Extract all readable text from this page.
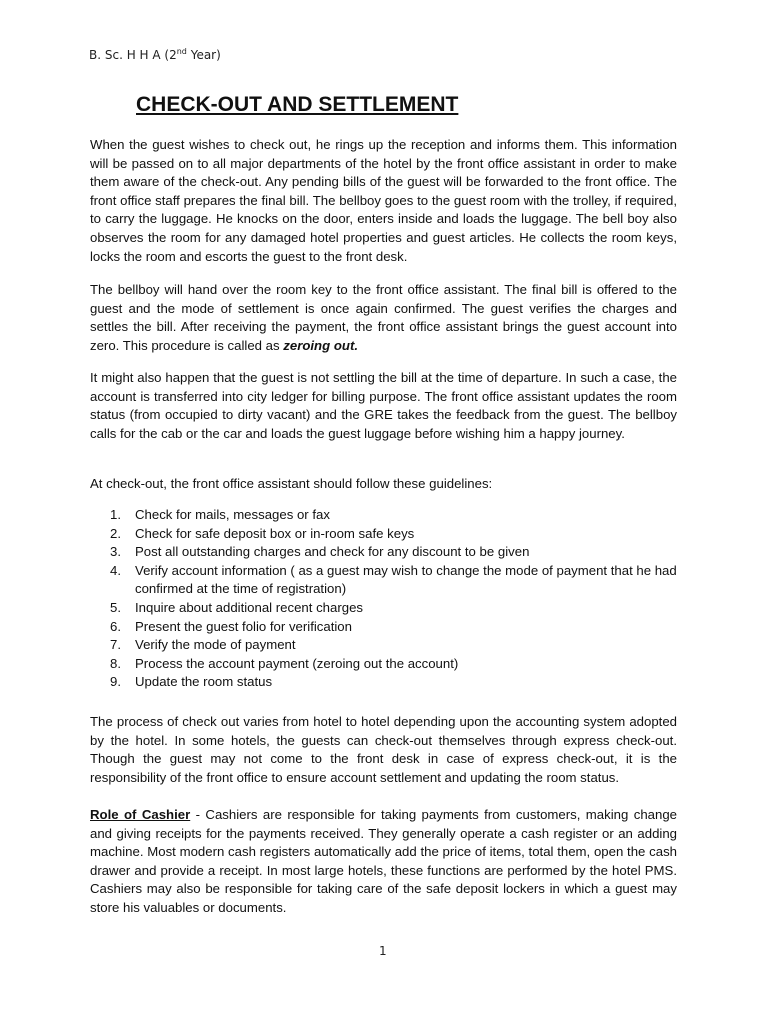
B. Sc. H H A (2nd Year)
CHECK-OUT AND SETTLEMENT

When the guest wishes to check out, he rings up the reception and informs them. This information will be passed on to all major departments of the hotel by the front office assistant in order to make them aware of the check-out. Any pending bills of the guest will be forwarded to the front office. The front office staff prepares the final bill. The bellboy goes to the guest room with the trolley, if required, to carry the luggage. He knocks on the door, enters inside and loads the luggage. The bell boy also observes the room for any damaged hotel properties and guest articles. He collects the room keys, locks the room and escorts the guest to the front desk.

The bellboy will hand over the room key to the front office assistant. The final bill is offered to the guest and the mode of settlement is once again confirmed. The guest verifies the charges and settles the bill. After receiving the payment, the front office assistant brings the guest account into zero. This procedure is called as zeroing out.

It might also happen that the guest is not settling the bill at the time of departure. In such a case, the account is transferred into city ledger for billing purpose. The front office assistant updates the room status (from occupied to dirty vacant) and the GRE takes the feedback from the guest. The bellboy calls for the cab or the car and loads the guest luggage before wishing him a happy journey.

At check-out, the front office assistant should follow these guidelines:

1.	Check for mails, messages or fax
2.	Check for safe deposit box or in-room safe keys
3.	Post all outstanding charges and check for any discount to be given
4.	Verify account information ( as a guest may wish to change the mode of payment that he had confirmed at the time of registration)
5.	Inquire about additional recent charges
6.	Present the guest folio for verification
7.	Verify the mode of payment
8.	Process the account payment (zeroing out the account)
9.	Update the room status

The process of check out varies from hotel to hotel depending upon the accounting system adopted by the hotel. In some hotels, the guests can check-out themselves through express check-out. Though the guest may not come to the front desk in case of express check-out, it is the responsibility of the front office to ensure account settlement and updating the room status.

Role of Cashier - Cashiers are responsible for taking payments from customers, making change and giving receipts for the payments received. They generally operate a cash register or an adding machine. Most modern cash registers automatically add the price of items, total them, open the cash drawer and provide a receipt. In most large hotels, these functions are performed by the hotel PMS. Cashiers may also be responsible for taking care of the safe deposit lockers in which a guest may store his valuables or documents.

1
